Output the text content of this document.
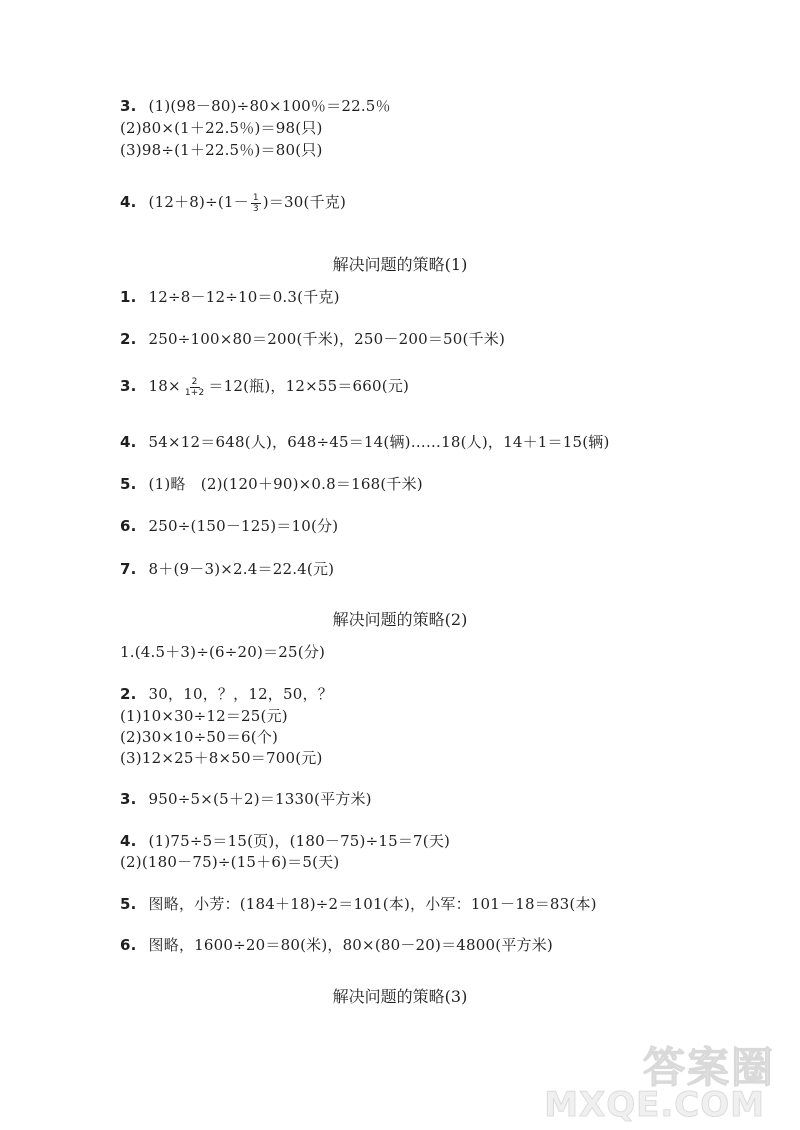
3. (1)(98－80)÷80×100％＝22.5％
(2)80×(1＋22.5％)＝98(只)
(3)98÷(1＋22.5％)＝80(只)
4. $(12+8)\div(1- \frac{1}{3} )=30$(千克)
解决问题的策略(1)
1. 12÷8－12÷10＝0.3(千克)
2. 250÷100×80＝200(千米)，250－200＝50(千米)
3. $18\times \frac{2}{1+2} =12$(瓶)，12×55＝660(元)
4. 54×12＝648(人)，648÷45＝14(辆)……18(人)，14＋1＝15(辆)
5. (1)略　(2)(120＋90)×0.8＝168(千米)
6. 250÷(150－125)＝10(分)
7. 8＋(9－3)×2.4＝22.4(元)
解决问题的策略(2)
1.(4.5＋3)÷(6÷20)＝25(分)
2. 30，10，？，12，50，？
(1)10×30÷12＝25(元)
(2)30×10÷50＝6(个)
(3)12×25＋8×50＝700(元)
3. 950÷5×(5＋2)＝1330(平方米)
4. (1)75÷5＝15(页)，(180－75)÷15＝7(天)
(2)(180－75)÷(15＋6)＝5(天)
5. 图略，小芳：(184＋18)÷2＝101(本)，小军：101－18＝83(本)
6. 图略，1600÷20＝80(米)，80×(80－20)＝4800(平方米)
解决问题的策略(3)
答案圈
MXQE.COM
